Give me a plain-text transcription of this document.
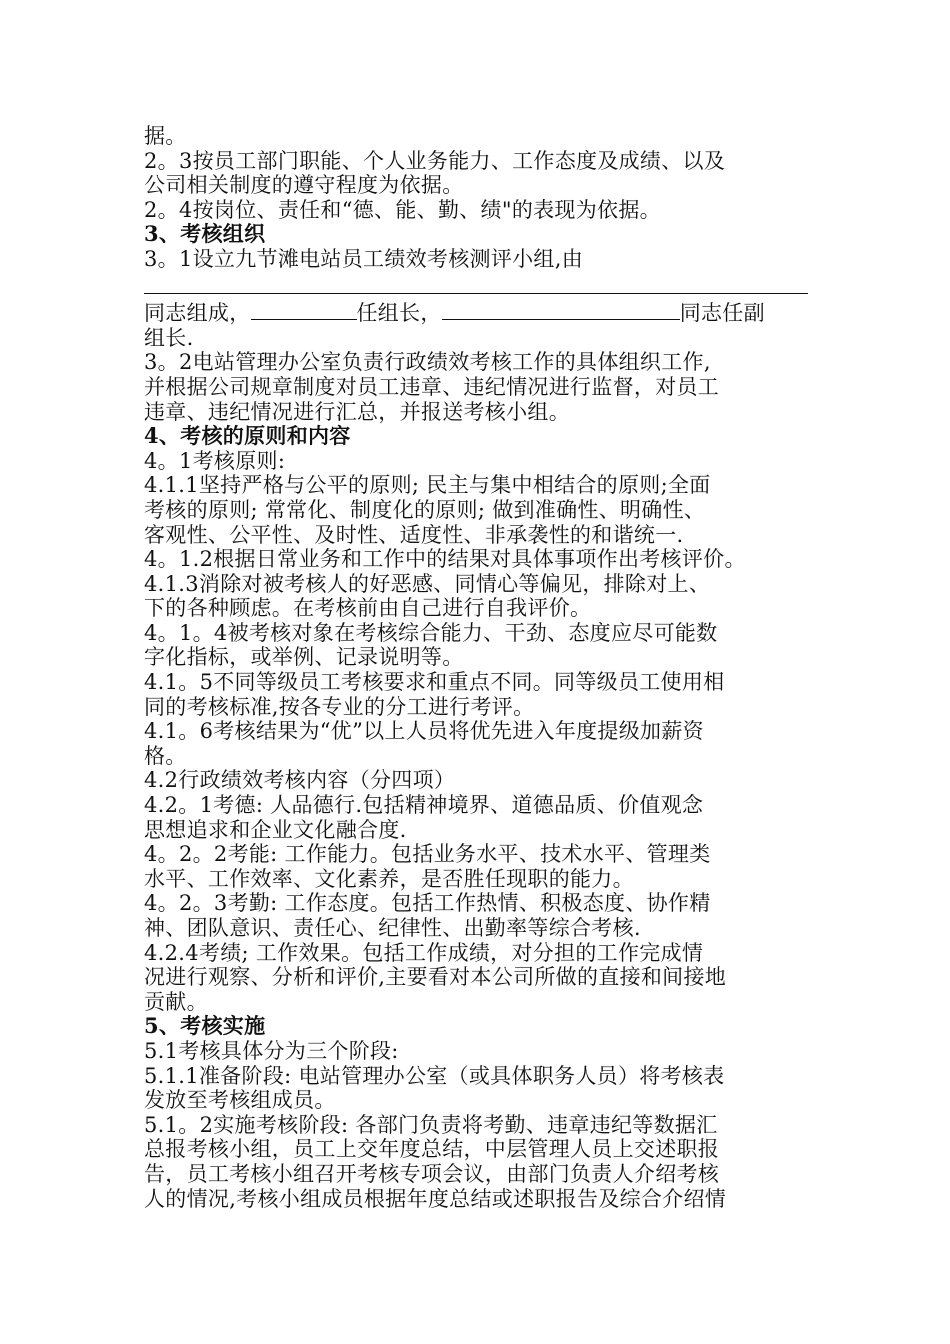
据。
2。3按员工部门职能、个人业务能力、工作态度及成绩、以及
公司相关制度的遵守程度为依据。
2。4按岗位、责任和“德、能、勤、绩"的表现为依据。
3、考核组织
3。1设立九节滩电站员工绩效考核测评小组,由

同志组成，	任组长，	同志任副
组长.
3。2电站管理办公室负责行政绩效考核工作的具体组织工作,
并根据公司规章制度对员工违章、违纪情况进行监督，对员工
违章、违纪情况进行汇总，并报送考核小组。
4、考核的原则和内容
4。1考核原则:
4.1.1坚持严格与公平的原则; 民主与集中相结合的原则;全面
考核的原则; 常常化、制度化的原则; 做到准确性、明确性、
客观性、公平性、及时性、适度性、非承袭性的和谐统一.
4。1.2根据日常业务和工作中的结果对具体事项作出考核评价。
4.1.3消除对被考核人的好恶感、同情心等偏见，排除对上、
下的各种顾虑。在考核前由自己进行自我评价。
4。1。4被考核对象在考核综合能力、干劲、态度应尽可能数
字化指标，或举例、记录说明等。
4.1。5不同等级员工考核要求和重点不同。同等级员工使用相
同的考核标准,按各专业的分工进行考评。
4.1。6考核结果为“优”以上人员将优先进入年度提级加薪资
格。
4.2行政绩效考核内容（分四项）
4.2。1考德: 人品德行.包括精神境界、道德品质、价值观念
思想追求和企业文化融合度.
4。2。2考能: 工作能力。包括业务水平、技术水平、管理类
水平、工作效率、文化素养，是否胜任现职的能力。
4。2。3考勤: 工作态度。包括工作热情、积极态度、协作精
神、团队意识、责任心、纪律性、出勤率等综合考核.
4.2.4考绩; 工作效果。包括工作成绩，对分担的工作完成情
况进行观察、分析和评价,主要看对本公司所做的直接和间接地
贡献。
5、考核实施
5.1考核具体分为三个阶段:
5.1.1准备阶段: 电站管理办公室（或具体职务人员）将考核表
发放至考核组成员。
5.1。2实施考核阶段: 各部门负责将考勤、违章违纪等数据汇
总报考核小组，员工上交年度总结，中层管理人员上交述职报
告，员工考核小组召开考核专项会议，由部门负责人介绍考核
人的情况,考核小组成员根据年度总结或述职报告及综合介绍情
